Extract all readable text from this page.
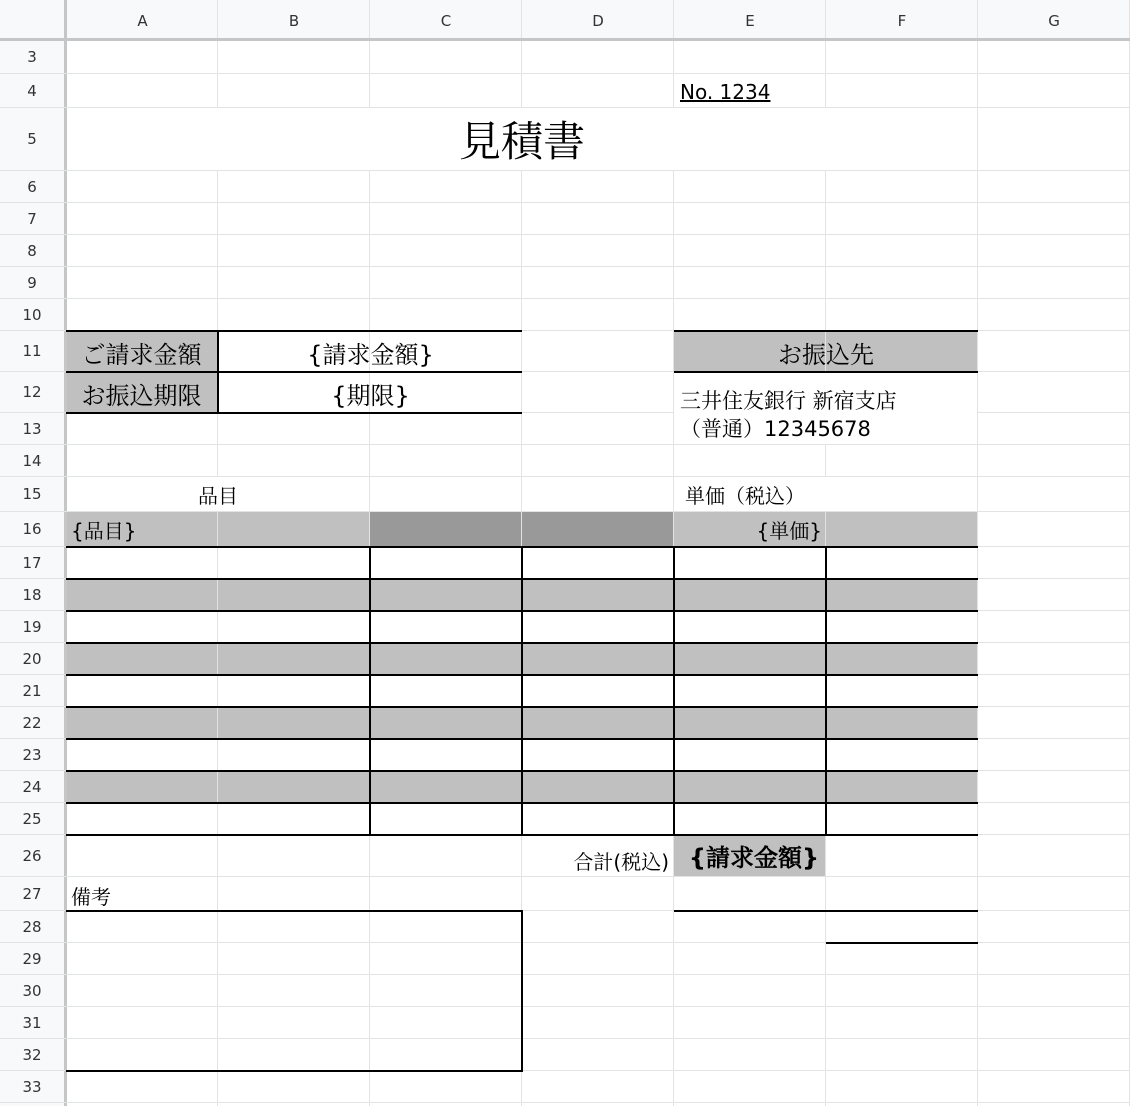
A	B	C	D	E	F	G
3
4
5
6
7
8
9
10
11
12
13
14
15
16
17
18
19
20
21
22
23
24
25
26
27
28
29
30
31
32
33
No. 1234
見積書
ご請求金額	{請求金額}
お振込期限	{期限}
お振込先
三井住友銀行 新宿支店
（普通）12345678
品目	単価（税込）
{品目}	{単価}
合計(税込) {請求金額}
備考
